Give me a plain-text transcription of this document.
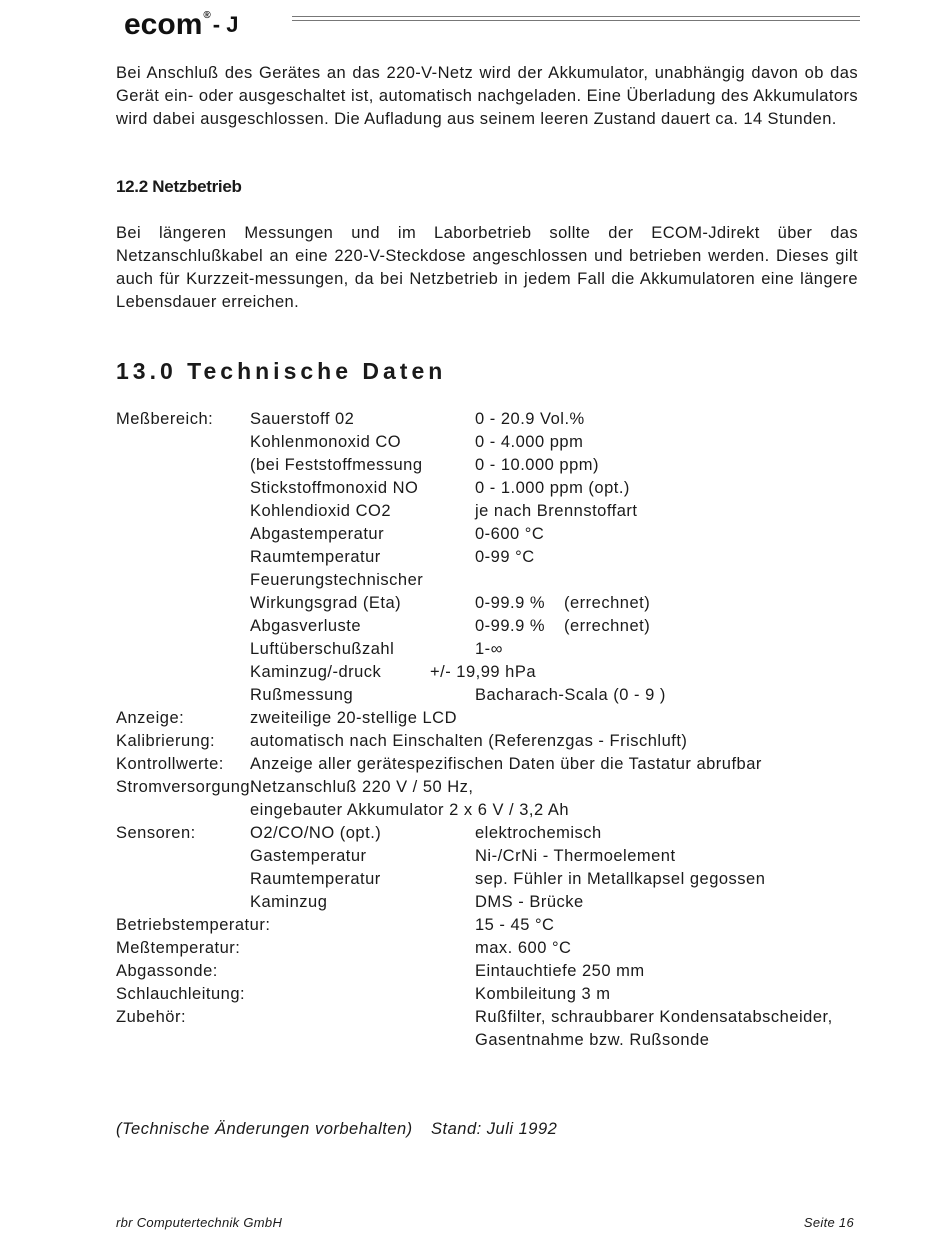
ecom®- J

Bei Anschluß des Gerätes an das 220-V-Netz wird der Akkumulator, unabhängig davon ob das Gerät ein- oder ausgeschaltet ist, automatisch nachgeladen. Eine Überladung des Akkumulators wird dabei ausgeschlossen. Die Aufladung aus seinem leeren Zustand dauert ca. 14 Stunden.

12.2 Netzbetrieb

Bei längeren Messungen und im Laborbetrieb sollte der ECOM-Jdirekt über das Netzanschlußkabel an eine 220-V-Steckdose angeschlossen und betrieben werden. Dieses gilt auch für Kurzzeit-messungen, da bei Netzbetrieb in jedem Fall die Akkumulatoren eine längere Lebensdauer erreichen.

13.0 Technische Daten
Meßbereich: Sauerstoff 02	0 - 20.9 Vol.%
Kohlenmonoxid CO	0 - 4.000 ppm
(bei Feststoffmessung	0 - 10.000 ppm)
Stickstoffmonoxid NO	0 - 1.000 ppm (opt.)
Kohlendioxid CO2	je nach Brennstoffart
Abgastemperatur	0-600 °C
Raumtemperatur	0-99 °C
Feuerungstechnischer
Wirkungsgrad (Eta)	0-99.9 % (errechnet)
Abgasverluste	0-99.9 % (errechnet)
Luftüberschußzahl	1-∞
Kaminzug/-druck	+/- 19,99 hPa
Rußmessung	Bacharach-Scala (0 - 9 )
Anzeige:	zweiteilige 20-stellige LCD
Kalibrierung: automatisch nach Einschalten (Referenzgas - Frischluft)
Kontrollwerte: Anzeige aller gerätespezifischen Daten über die Tastatur abrufbar
Stromversorgung:
Netzanschluß 220 V / 50 Hz,
eingebauter Akkumulator 2 x 6 V / 3,2 Ah
Sensoren:	O2/CO/NO (opt.)	elektrochemisch
Gastemperatur	Ni-/CrNi - Thermoelement
Raumtemperatur	sep. Fühler in Metallkapsel gegossen
Kaminzug	DMS - Brücke
Betriebstemperatur:	15 - 45 °C
Meßtemperatur:	max. 600 °C
Abgassonde:	Eintauchtiefe 250 mm
Schlauchleitung:	Kombileitung 3 m
Zubehör:	Rußfilter, schraubbarer Kondensatabscheider,
Gasentnahme bzw. Rußsonde
(Technische Änderungen vorbehalten) Stand: Juli 1992
rbr Computertechnik GmbH	Seite 16
